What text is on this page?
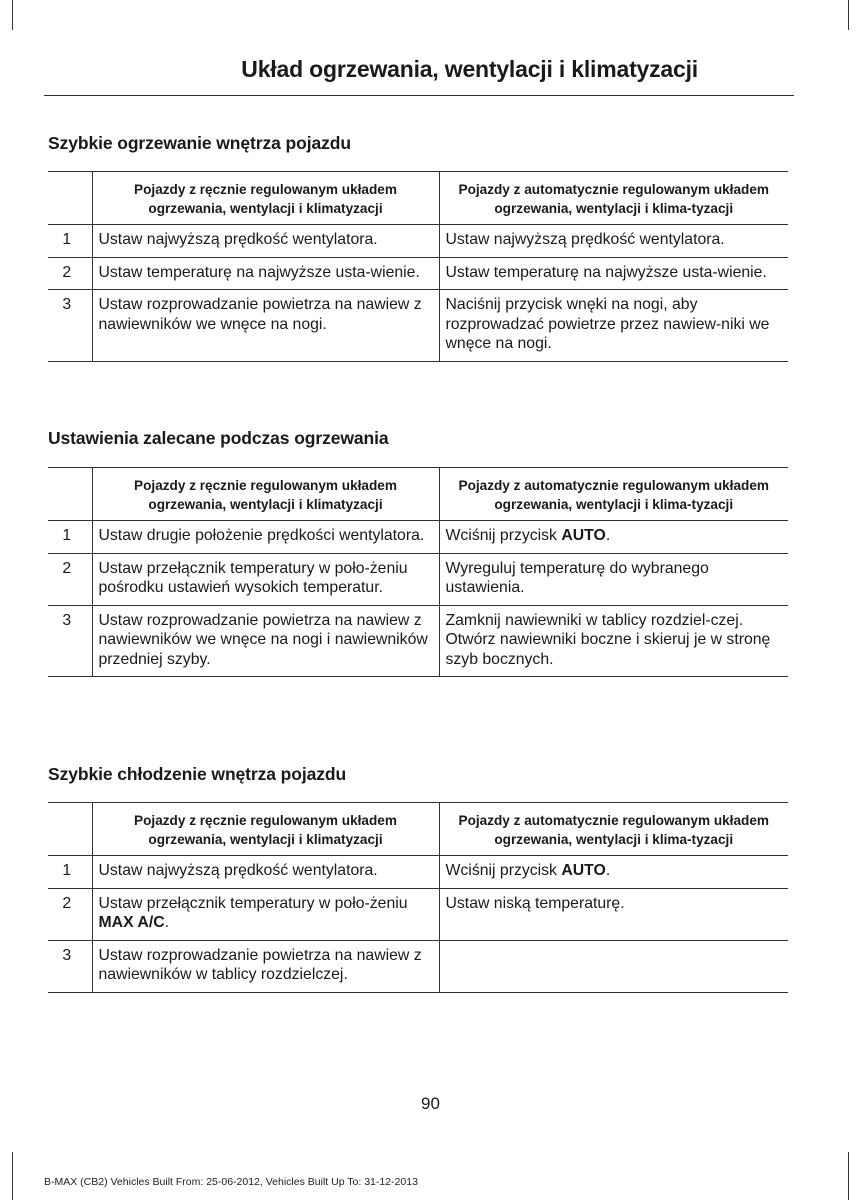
Układ ogrzewania, wentylacji i klimatyzacji
Szybkie ogrzewanie wnętrza pojazdu
	Pojazdy z ręcznie regulowanym układem ogrzewania, wentylacji i klimatyzacji	Pojazdy z automatycznie regulowanym układem ogrzewania, wentylacji i klima-tyzacji
1	Ustaw najwyższą prędkość wentylatora.	Ustaw najwyższą prędkość wentylatora.
2	Ustaw temperaturę na najwyższe usta-wienie.	Ustaw temperaturę na najwyższe usta-wienie.
3	Ustaw rozprowadzanie powietrza na nawiew z nawiewników we wnęce na nogi.	Naciśnij przycisk wnęki na nogi, aby rozprowadzać powietrze przez nawiew-niki we wnęce na nogi.
Ustawienia zalecane podczas ogrzewania
	Pojazdy z ręcznie regulowanym układem ogrzewania, wentylacji i klimatyzacji	Pojazdy z automatycznie regulowanym układem ogrzewania, wentylacji i klima-tyzacji
1	Ustaw drugie położenie prędkości wentylatora.	Wciśnij przycisk AUTO.
2	Ustaw przełącznik temperatury w poło-żeniu pośrodku ustawień wysokich temperatur.	Wyreguluj temperaturę do wybranego ustawienia.
3	Ustaw rozprowadzanie powietrza na nawiew z nawiewników we wnęce na nogi i nawiewników przedniej szyby.	Zamknij nawiewniki w tablicy rozdziel-czej. Otwórz nawiewniki boczne i skieruj je w stronę szyb bocznych.
Szybkie chłodzenie wnętrza pojazdu
	Pojazdy z ręcznie regulowanym układem ogrzewania, wentylacji i klimatyzacji	Pojazdy z automatycznie regulowanym układem ogrzewania, wentylacji i klima-tyzacji
1	Ustaw najwyższą prędkość wentylatora.	Wciśnij przycisk AUTO.
2	Ustaw przełącznik temperatury w poło-żeniu MAX A/C.	Ustaw niską temperaturę.
3	Ustaw rozprowadzanie powietrza na nawiew z nawiewników w tablicy rozdzielczej.	
90
B-MAX (CB2) Vehicles Built From: 25-06-2012, Vehicles Built Up To: 31-12-2013
